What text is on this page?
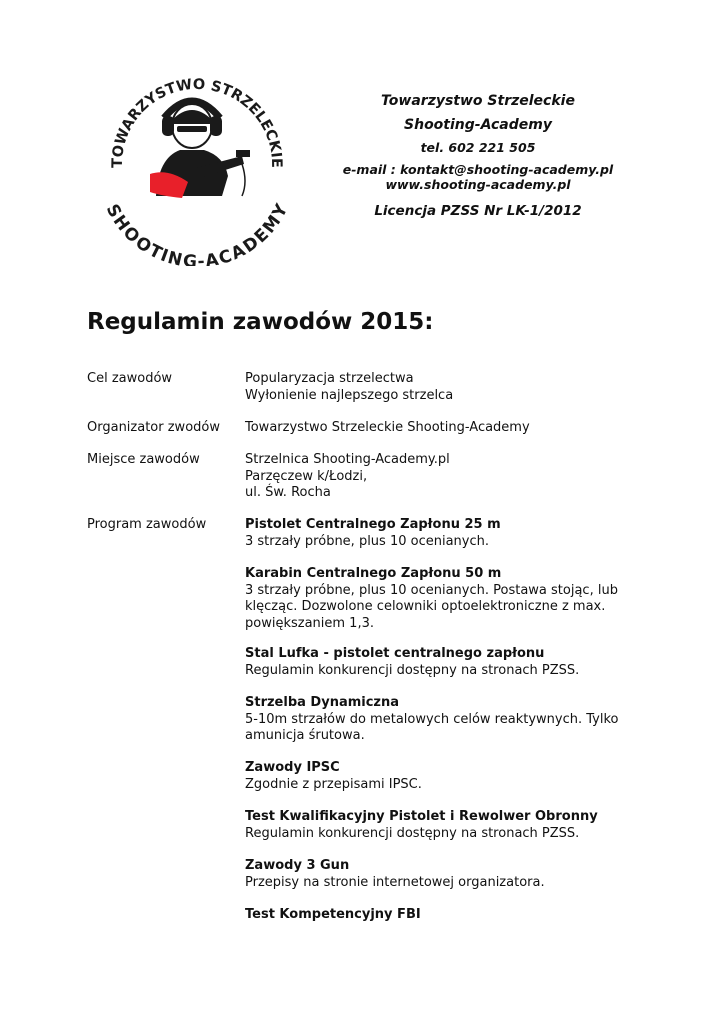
TOWARZYSTWO STRZELECKIE
SHOOTING-ACADEMY
Towarzystwo Strzeleckie
Shooting-Academy
tel. 602 221 505
e-mail : kontakt@shooting-academy.pl
www.shooting-academy.pl
Licencja PZSS Nr LK-1/2012
Regulamin zawodów 2015:
Cel zawodów	Popularyzacja strzelectwa
Wyłonienie najlepszego strzelca
Organizator zwodów	Towarzystwo Strzeleckie Shooting-Academy
Miejsce zawodów	Strzelnica Shooting-Academy.pl
Parzęczew k/Łodzi,
ul. Św. Rocha
Program zawodów	Pistolet Centralnego Zapłonu 25 m
3 strzały próbne, plus 10 ocenianych.
Karabin Centralnego Zapłonu 50 m
3 strzały próbne, plus 10 ocenianych. Postawa stojąc, lub
klęcząc. Dozwolone celowniki optoelektroniczne z max.
powiększaniem 1,3.
Stal Lufka - pistolet centralnego zapłonu
Regulamin konkurencji dostępny na stronach PZSS.
Strzelba Dynamiczna
5-10m strzałów do metalowych celów reaktywnych. Tylko
amunicja śrutowa.
Zawody IPSC
Zgodnie z przepisami IPSC.
Test Kwalifikacyjny Pistolet i Rewolwer Obronny
Regulamin konkurencji dostępny na stronach PZSS.
Zawody 3 Gun
Przepisy na stronie internetowej organizatora.
Test Kompetencyjny FBI
